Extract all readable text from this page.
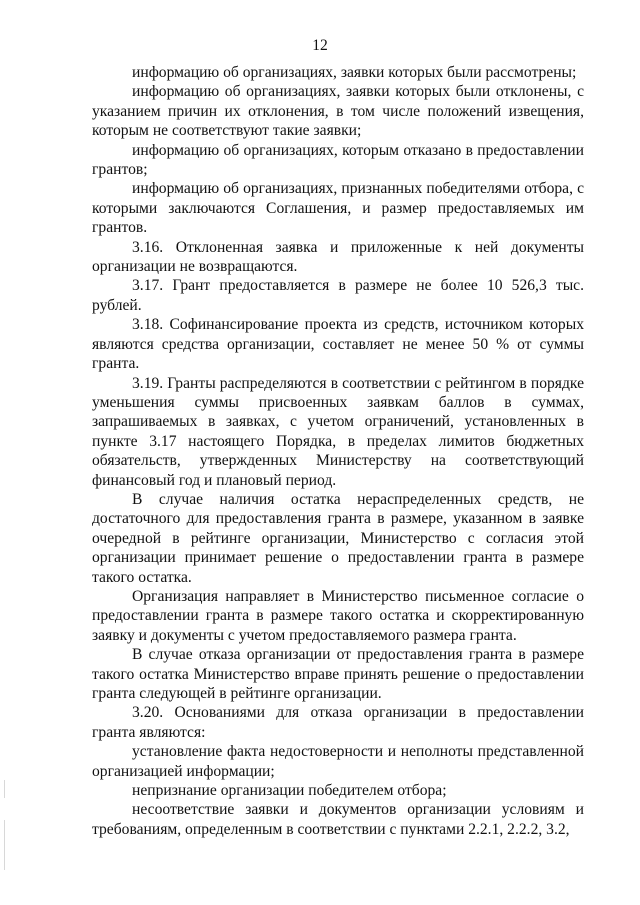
12

информацию об организациях, заявки которых были рассмотрены;

информацию об организациях, заявки которых были отклонены, с указанием причин их отклонения, в том числе положений извещения, которым не соответствуют такие заявки;

информацию об организациях, которым отказано в предоставлении грантов;

информацию об организациях, признанных победителями отбора, с которыми заключаются Соглашения, и размер предоставляемых им грантов.

3.16. Отклоненная заявка и приложенные к ней документы организации не возвращаются.

3.17. Грант предоставляется в размере не более 10 526,3 тыс. рублей.

3.18. Софинансирование проекта из средств, источником которых являются средства организации, составляет не менее 50 % от суммы гранта.

3.19. Гранты распределяются в соответствии с рейтингом в порядке уменьшения суммы присвоенных заявкам баллов в суммах, запрашиваемых в заявках, с учетом ограничений, установленных в пункте 3.17 настоящего Порядка, в пределах лимитов бюджетных обязательств, утвержденных Министерству на соответствующий финансовый год и плановый период.

В случае наличия остатка нераспределенных средств, не достаточного для предоставления гранта в размере, указанном в заявке очередной в рейтинге организации, Министерство с согласия этой организации принимает решение о предоставлении гранта в размере такого остатка.

Организация направляет в Министерство письменное согласие о предоставлении гранта в размере такого остатка и скорректированную заявку и документы с учетом предоставляемого размера гранта.

В случае отказа организации от предоставления гранта в размере такого остатка Министерство вправе принять решение о предоставлении гранта следующей в рейтинге организации.

3.20. Основаниями для отказа организации в предоставлении гранта являются:

установление факта недостоверности и неполноты представленной организацией информации;

непризнание организации победителем отбора;

несоответствие заявки и документов организации условиям и требованиям, определенным в соответствии с пунктами 2.2.1, 2.2.2, 3.2,
